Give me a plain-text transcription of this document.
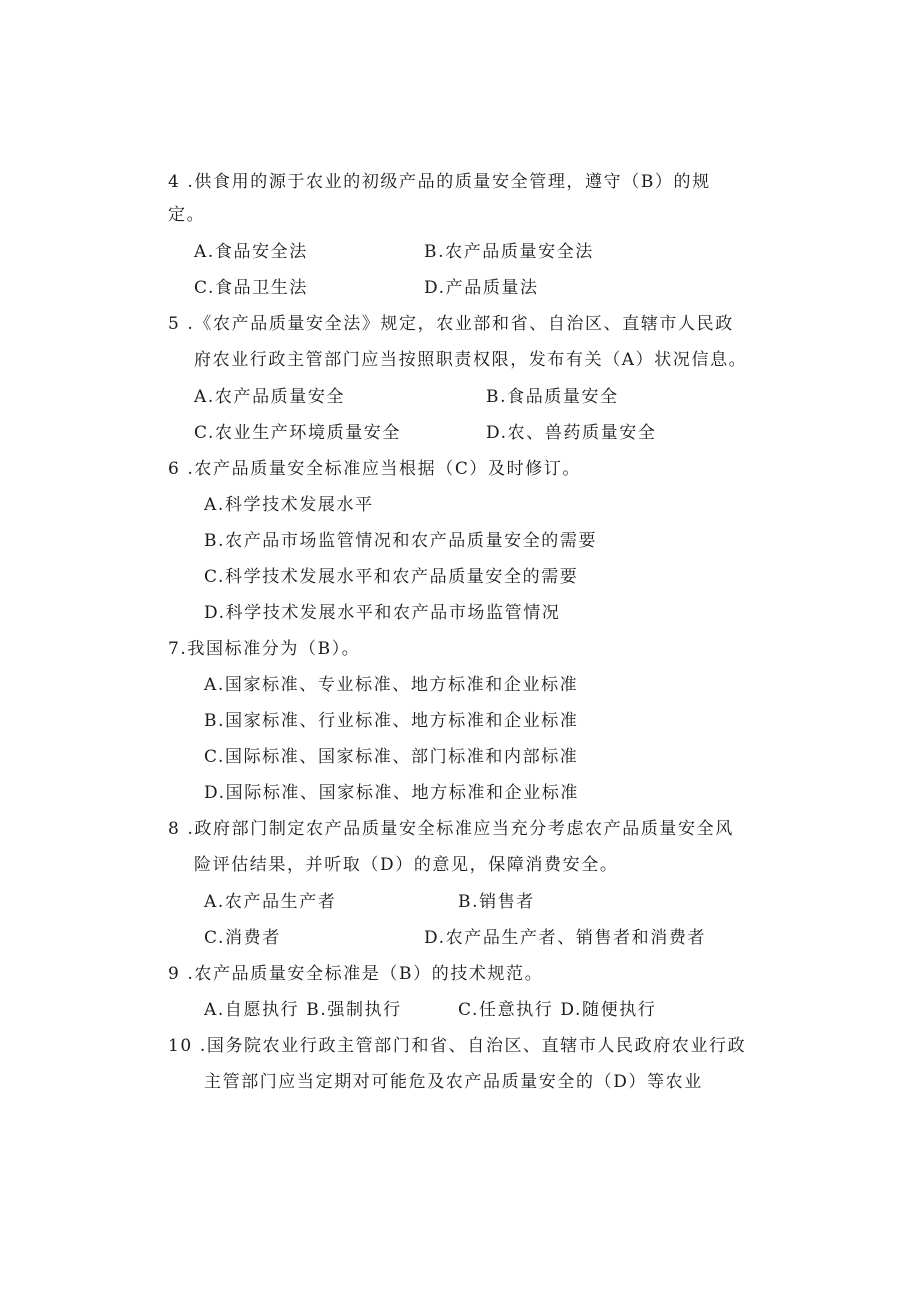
4 .供食用的源于农业的初级产品的质量安全管理，遵守（B）的规
定。
A.食品安全法	B.农产品质量安全法
C.食品卫生法	D.产品质量法
5 .《农产品质量安全法》规定，农业部和省、自治区、直辖市人民政
府农业行政主管部门应当按照职责权限，发布有关（A）状况信息。
A.农产品质量安全	B.食品质量安全
C.农业生产环境质量安全	D.农、兽药质量安全
6 .农产品质量安全标准应当根据（C）及时修订。
A.科学技术发展水平
B.农产品市场监管情况和农产品质量安全的需要
C.科学技术发展水平和农产品质量安全的需要
D.科学技术发展水平和农产品市场监管情况
7.我国标准分为（B）。
A.国家标准、专业标准、地方标准和企业标准
B.国家标准、行业标准、地方标准和企业标准
C.国际标准、国家标准、部门标准和内部标准
D.国际标准、国家标准、地方标准和企业标准
8 .政府部门制定农产品质量安全标准应当充分考虑农产品质量安全风
险评估结果，并听取（D）的意见，保障消费安全。
A.农产品生产者	B.销售者
C.消费者	D.农产品生产者、销售者和消费者
9 .农产品质量安全标准是（B）的技术规范。
A.自愿执行 B.强制执行	C.任意执行 D.随便执行
10 .国务院农业行政主管部门和省、自治区、直辖市人民政府农业行政
主管部门应当定期对可能危及农产品质量安全的（D）等农业
